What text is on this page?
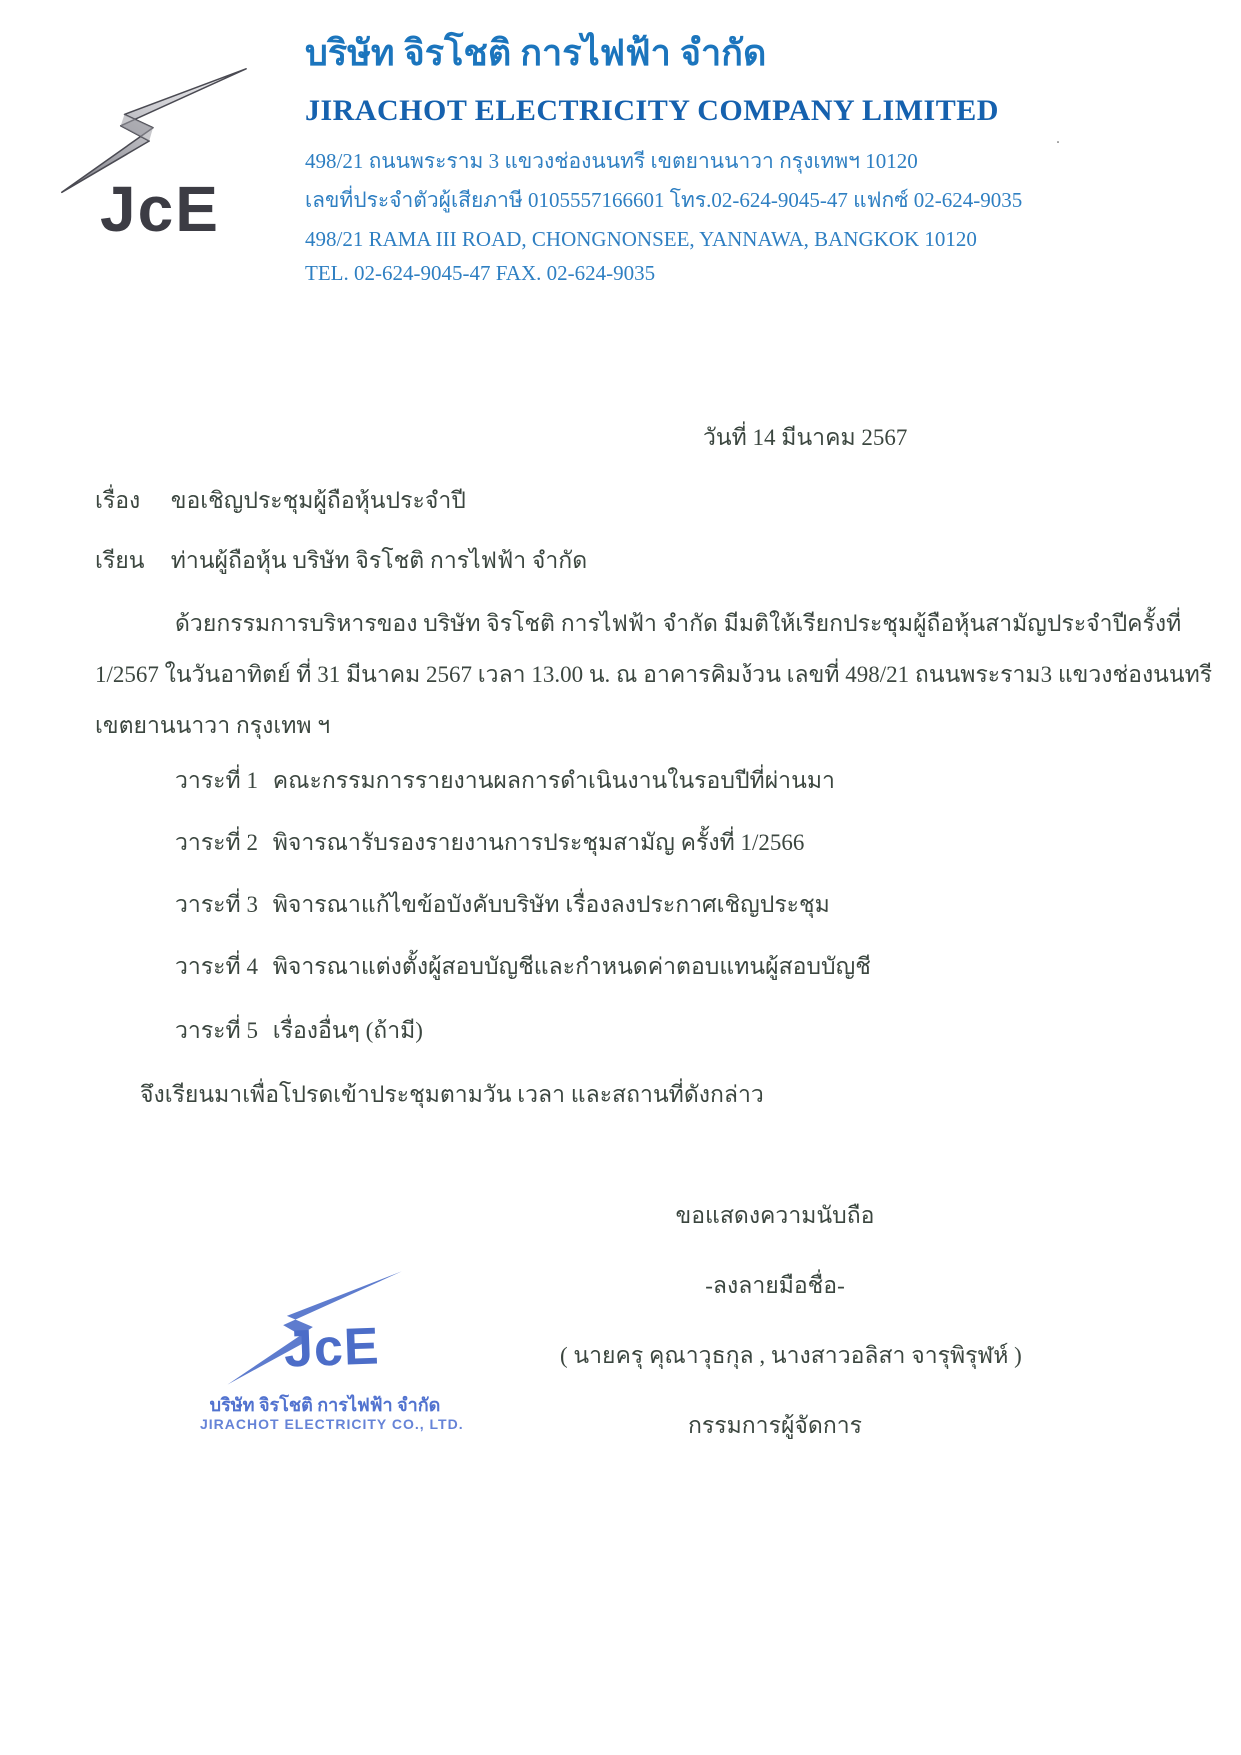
JcE
บริษัท จิรโชติ การไฟฟ้า จำกัด
JIRACHOT ELECTRICITY COMPANY LIMITED
498/21 ถนนพระราม 3 แขวงช่องนนทรี เขตยานนาวา กรุงเทพฯ 10120
เลขที่ประจำตัวผู้เสียภาษี 0105557166601 โทร.02-624-9045-47 แฟกซ์ 02-624-9035
498/21 RAMA III ROAD, CHONGNONSEE, YANNAWA, BANGKOK 10120
TEL. 02-624-9045-47 FAX. 02-624-9035
.
วันที่ 14 มีนาคม 2567
เรื่อง ขอเชิญประชุมผู้ถือหุ้นประจำปี
เรียน ท่านผู้ถือหุ้น บริษัท จิรโชติ การไฟฟ้า จำกัด
ด้วยกรรมการบริหารของ บริษัท จิรโชติ การไฟฟ้า จำกัด มีมติให้เรียกประชุมผู้ถือหุ้นสามัญประจำปีครั้งที่
1/2567 ในวันอาทิตย์ ที่ 31 มีนาคม 2567 เวลา 13.00 น. ณ อาคารคิมง้วน เลขที่ 498/21 ถนนพระราม3 แขวงช่องนนทรี
เขตยานนาวา กรุงเทพ ฯ
วาระที่ 1 คณะกรรมการรายงานผลการดำเนินงานในรอบปีที่ผ่านมา
วาระที่ 2 พิจารณารับรองรายงานการประชุมสามัญ ครั้งที่ 1/2566
วาระที่ 3 พิจารณาแก้ไขข้อบังคับบริษัท เรื่องลงประกาศเชิญประชุม
วาระที่ 4 พิจารณาแต่งตั้งผู้สอบบัญชีและกำหนดค่าตอบแทนผู้สอบบัญชี
วาระที่ 5 เรื่องอื่นๆ (ถ้ามี)
จึงเรียนมาเพื่อโปรดเข้าประชุมตามวัน เวลา และสถานที่ดังกล่าว
ขอแสดงความนับถือ
-ลงลายมือชื่อ-
( นายครุ คุณาวุธกุล , นางสาวอลิสา จารุพิรุฬห์ )
กรรมการผู้จัดการ
JcE
บริษัท จิรโชติ การไฟฟ้า จำกัด
JIRACHOT ELECTRICITY CO., LTD.
